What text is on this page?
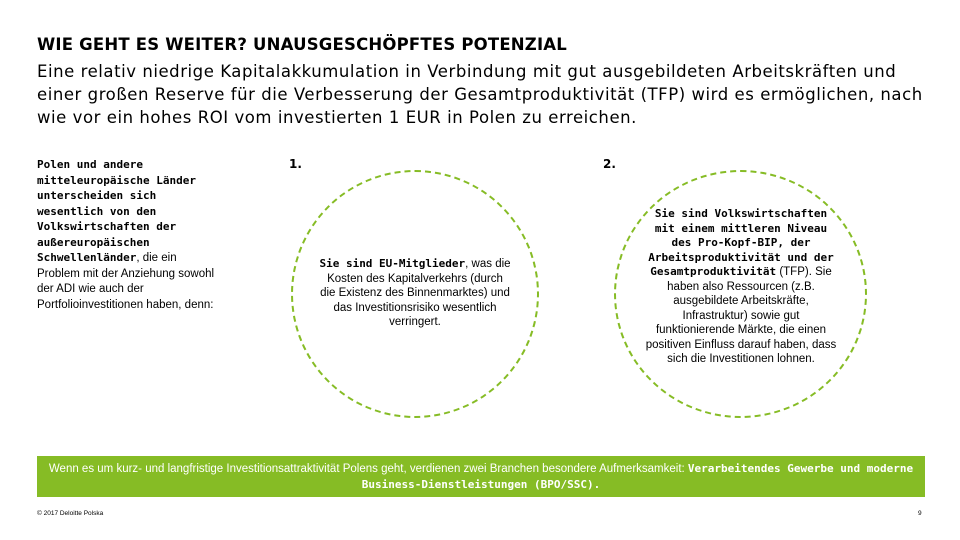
WIE GEHT ES WEITER? UNAUSGESCHÖPFTES POTENZIAL
Eine relativ niedrige Kapitalakkumulation in Verbindung mit gut ausgebildeten Arbeitskräften und einer großen Reserve für die Verbesserung der Gesamtproduktivität (TFP) wird es ermöglichen, nach wie vor ein hohes ROI vom investierten 1 EUR in Polen zu erreichen.
Polen und andere mitteleuropäische Länder unterscheiden sich wesentlich von den Volkswirtschaften der außereuropäischen Schwellenländer, die ein Problem mit der Anziehung sowohl der ADI wie auch der Portfolioinvestitionen haben, denn:
1.
Sie sind EU-Mitglieder, was die Kosten des Kapitalverkehrs (durch die Existenz des Binnenmarktes) und das Investitionsrisiko wesentlich verringert.
2.
Sie sind Volkswirtschaften mit einem mittleren Niveau des Pro-Kopf-BIP, der Arbeitsproduktivität und der Gesamtproduktivität (TFP). Sie haben also Ressourcen (z.B. ausgebildete Arbeitskräfte, Infrastruktur) sowie gut funktionierende Märkte, die einen positiven Einfluss darauf haben, dass sich die Investitionen lohnen.
Wenn es um kurz- und langfristige Investitionsattraktivität Polens geht, verdienen zwei Branchen besondere Aufmerksamkeit: Verarbeitendes Gewerbe und moderne Business-Dienstleistungen (BPO/SSC).
© 2017 Deloitte Polska	9
